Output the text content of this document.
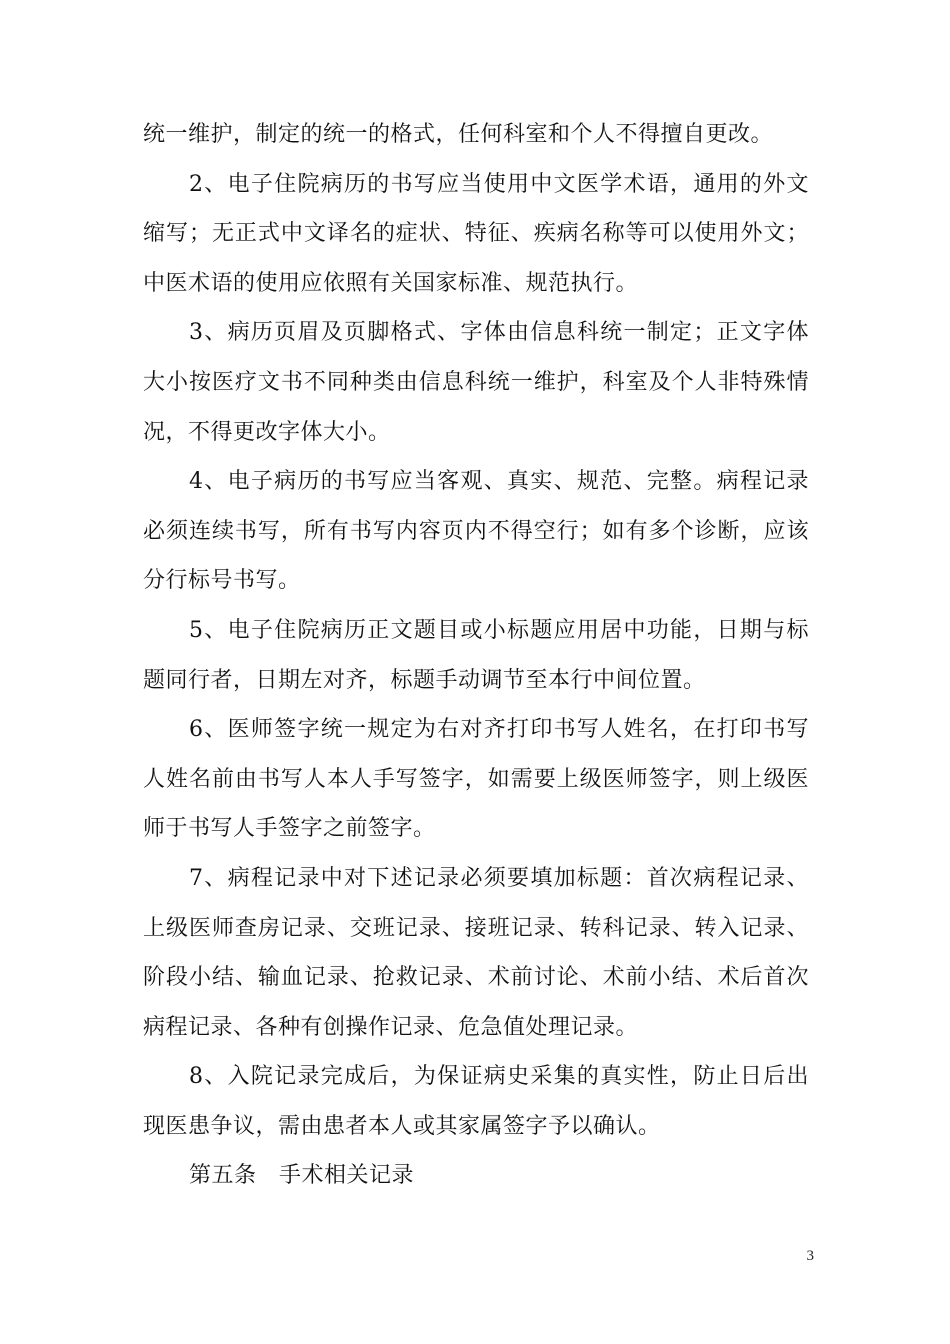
统一维护，制定的统一的格式，任何科室和个人不得擅自更改。

2、电子住院病历的书写应当使用中文医学术语，通用的外文缩写；无正式中文译名的症状、特征、疾病名称等可以使用外文；中医术语的使用应依照有关国家标准、规范执行。

3、病历页眉及页脚格式、字体由信息科统一制定；正文字体大小按医疗文书不同种类由信息科统一维护，科室及个人非特殊情况，不得更改字体大小。

4、电子病历的书写应当客观、真实、规范、完整。病程记录必须连续书写，所有书写内容页内不得空行；如有多个诊断，应该分行标号书写。

5、电子住院病历正文题目或小标题应用居中功能，日期与标题同行者，日期左对齐，标题手动调节至本行中间位置。

6、医师签字统一规定为右对齐打印书写人姓名，在打印书写人姓名前由书写人本人手写签字，如需要上级医师签字，则上级医师于书写人手签字之前签字。

7、病程记录中对下述记录必须要填加标题：首次病程记录、上级医师查房记录、交班记录、接班记录、转科记录、转入记录、阶段小结、输血记录、抢救记录、术前讨论、术前小结、术后首次病程记录、各种有创操作记录、危急值处理记录。

8、入院记录完成后，为保证病史采集的真实性，防止日后出现医患争议，需由患者本人或其家属签字予以确认。

第五条　手术相关记录

3
